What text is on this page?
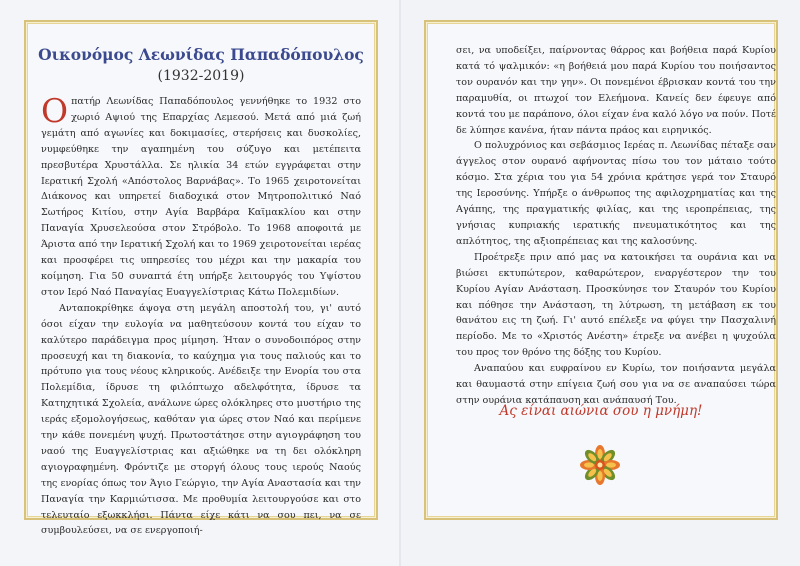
Οικονόμος Λεωνίδας Παπαδόπουλος
(1932-2019)

Οπατήρ Λεωνίδας Παπαδόπουλος γεννήθηκε το 1932 στο χωριό Αψιού της Επαρχίας Λεμεσού. Μετά από μιά ζωή γεμάτη από αγωνίες και δοκιμασίες, στερήσεις και δυσκολίες, νυμφεύθηκε την αγαπημένη του σύζυγο και μετέπειτα πρεσβυτέρα Χρυστάλλα. Σε ηλικία 34 ετών εγγράφεται στην Ιερατική Σχολή «Απόστολος Βαρνάβας». Το 1965 χειροτονείται Διάκονος και υπηρετεί διαδοχικά στον Μητροπολιτικό Ναό Σωτήρος Κιτίου, στην Αγία Βαρβάρα Καϊμακλίου και στην Παναγία Χρυσελεούσα στον Στρόβολο. Το 1968 αποφοιτά με Άριστα από την Ιερατική Σχολή και το 1969 χειροτονείται ιερέας και προσφέρει τις υπηρεσίες του μέχρι και την μακαρία του κοίμηση. Για 50 συναπτά έτη υπήρξε λειτουργός του Υψίστου στον Ιερό Ναό Παναγίας Ευαγγελίστριας Κάτω Πολεμιδίων.

Ανταποκρίθηκε άψογα στη μεγάλη αποστολή του, γι' αυτό όσοι είχαν την ευλογία να μαθητεύσουν κοντά του είχαν το καλύτερο παράδειγμα προς μίμηση. Ήταν ο συνοδοιπόρος στην προσευχή και τη διακονία, το καύχημα για τους παλιούς και το πρότυπο για τους νέους κληρικούς. Ανέδειξε την Ενορία του στα Πολεμίδια, ίδρυσε τη φιλόπτωχο αδελφότητα, ίδρυσε τα Κατηχητικά Σχολεία, ανάλωνε ώρες ολόκληρες στο μυστήριο της ιεράς εξομολογήσεως, καθόταν για ώρες στον Ναό και περίμενε την κάθε πονεμένη ψυχή. Πρωτοστάτησε στην αγιογράφηση του ναού της Ευαγγελίστριας και αξιώθηκε να τη δει ολόκληρη αγιογραφημένη. Φρόντιζε με στοργή όλους τους ιερούς Ναούς της ενορίας όπως τον Άγιο Γεώργιο, την Αγία Αναστασία και την Παναγία την Καρμιώτισσα. Με προθυμία λειτουργούσε και στο τελευταίο εξωκκλήσι. Πάντα είχε κάτι να σου πει, να σε συμβουλεύσει, να σε ενεργοποιή-

σει, να υποδείξει, παίρνοντας θάρρος και βοήθεια παρά Κυρίου κατά τό ψαλμικόν: «η βοήθειά μου παρά Κυρίου του ποιήσαντος τον ουρανόν και την γην». Οι πονεμένοι έβρισκαν κοντά του την παραμυθία, οι πτωχοί τον Ελεήμονα. Κανείς δεν έφευγε από κοντά του με παράπονο, όλοι είχαν ένα καλό λόγο να πούν. Ποτέ δε λύπησε κανένα, ήταν πάντα πράος και ειρηνικός.

Ο πολυχρόνιος και σεβάσμιος Ιερέας π. Λεωνίδας πέταξε σαν άγγελος στον ουρανό αφήνοντας πίσω του τον μάταιο τούτο κόσμο. Στα χέρια του για 54 χρόνια κράτησε γερά τον Σταυρό της Ιεροσύνης. Υπήρξε ο άνθρωπος της αφιλοχρηματίας και της Αγάπης, της πραγματικής φιλίας, και της ιεροπρέπειας, της γνήσιας κυπριακής ιερατικής πνευματικότητος και της απλότητος, της αξιοπρέπειας και της καλοσύνης.

Προέτρεξε πριν από μας να κατοικήσει τα ουράνια και να βιώσει εκτυπώτερον, καθαρώτερον, εναργέστερον την του Κυρίου Αγίαν Ανάσταση. Προσκύνησε τον Σταυρόν του Κυρίου και πόθησε την Ανάσταση, τη λύτρωση, τη μετάβαση εκ του θανάτου εις τη ζωή. Γι' αυτό επέλεξε να φύγει την Πασχαλινή περίοδο. Με το «Χριστός Ανέστη» έτρεξε να ανέβει η ψυχούλα του προς τον θρόνο της δόξης του Κυρίου.

Αναπαύου και ευφραίνου εν Κυρίω, τον ποιήσαντα μεγάλα και θαυμαστά στην επίγεια ζωή σου για να σε αναπαύσει τώρα στην ουράνια κατάπαυση και ανάπαυσή Του.

Ας είναι αιώνια σου η μνήμη!
